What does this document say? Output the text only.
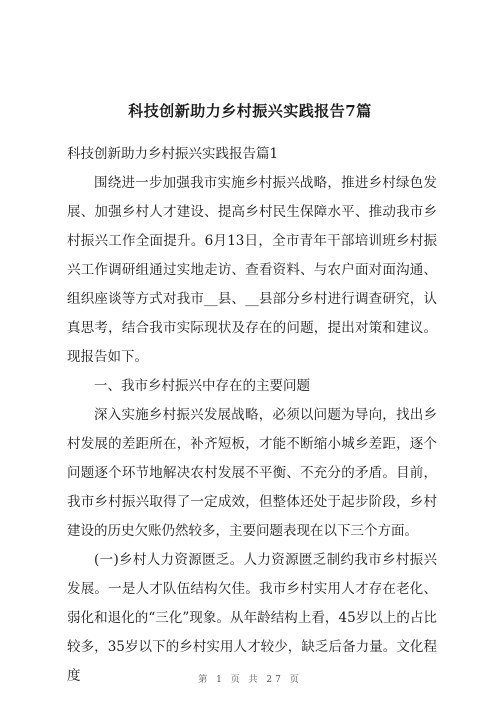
科技创新助力乡村振兴实践报告7篇

科技创新助力乡村振兴实践报告篇1

围绕进一步加强我市实施乡村振兴战略，推进乡村绿色发展、加强乡村人才建设、提高乡村民生保障水平、推动我市乡村振兴工作全面提升。6月13日，全市青年干部培训班乡村振兴工作调研组通过实地走访、查看资料、与农户面对面沟通、组织座谈等方式对我市__县、__县部分乡村进行调查研究，认真思考，结合我市实际现状及存在的问题，提出对策和建议。现报告如下。

一、我市乡村振兴中存在的主要问题

深入实施乡村振兴发展战略，必须以问题为导向，找出乡村发展的差距所在，补齐短板，才能不断缩小城乡差距，逐个问题逐个环节地解决农村发展不平衡、不充分的矛盾。目前，我市乡村振兴取得了一定成效，但整体还处于起步阶段，乡村建设的历史欠账仍然较多，主要问题表现在以下三个方面。

(一)乡村人力资源匮乏。人力资源匮乏制约我市乡村振兴发展。一是人才队伍结构欠佳。我市乡村实用人才存在老化、弱化和退化的“三化”现象。从年龄结构上看，45岁以上的占比较多，35岁以下的乡村实用人才较少，缺乏后备力量。文化程度	第 1 页 共 27 页
